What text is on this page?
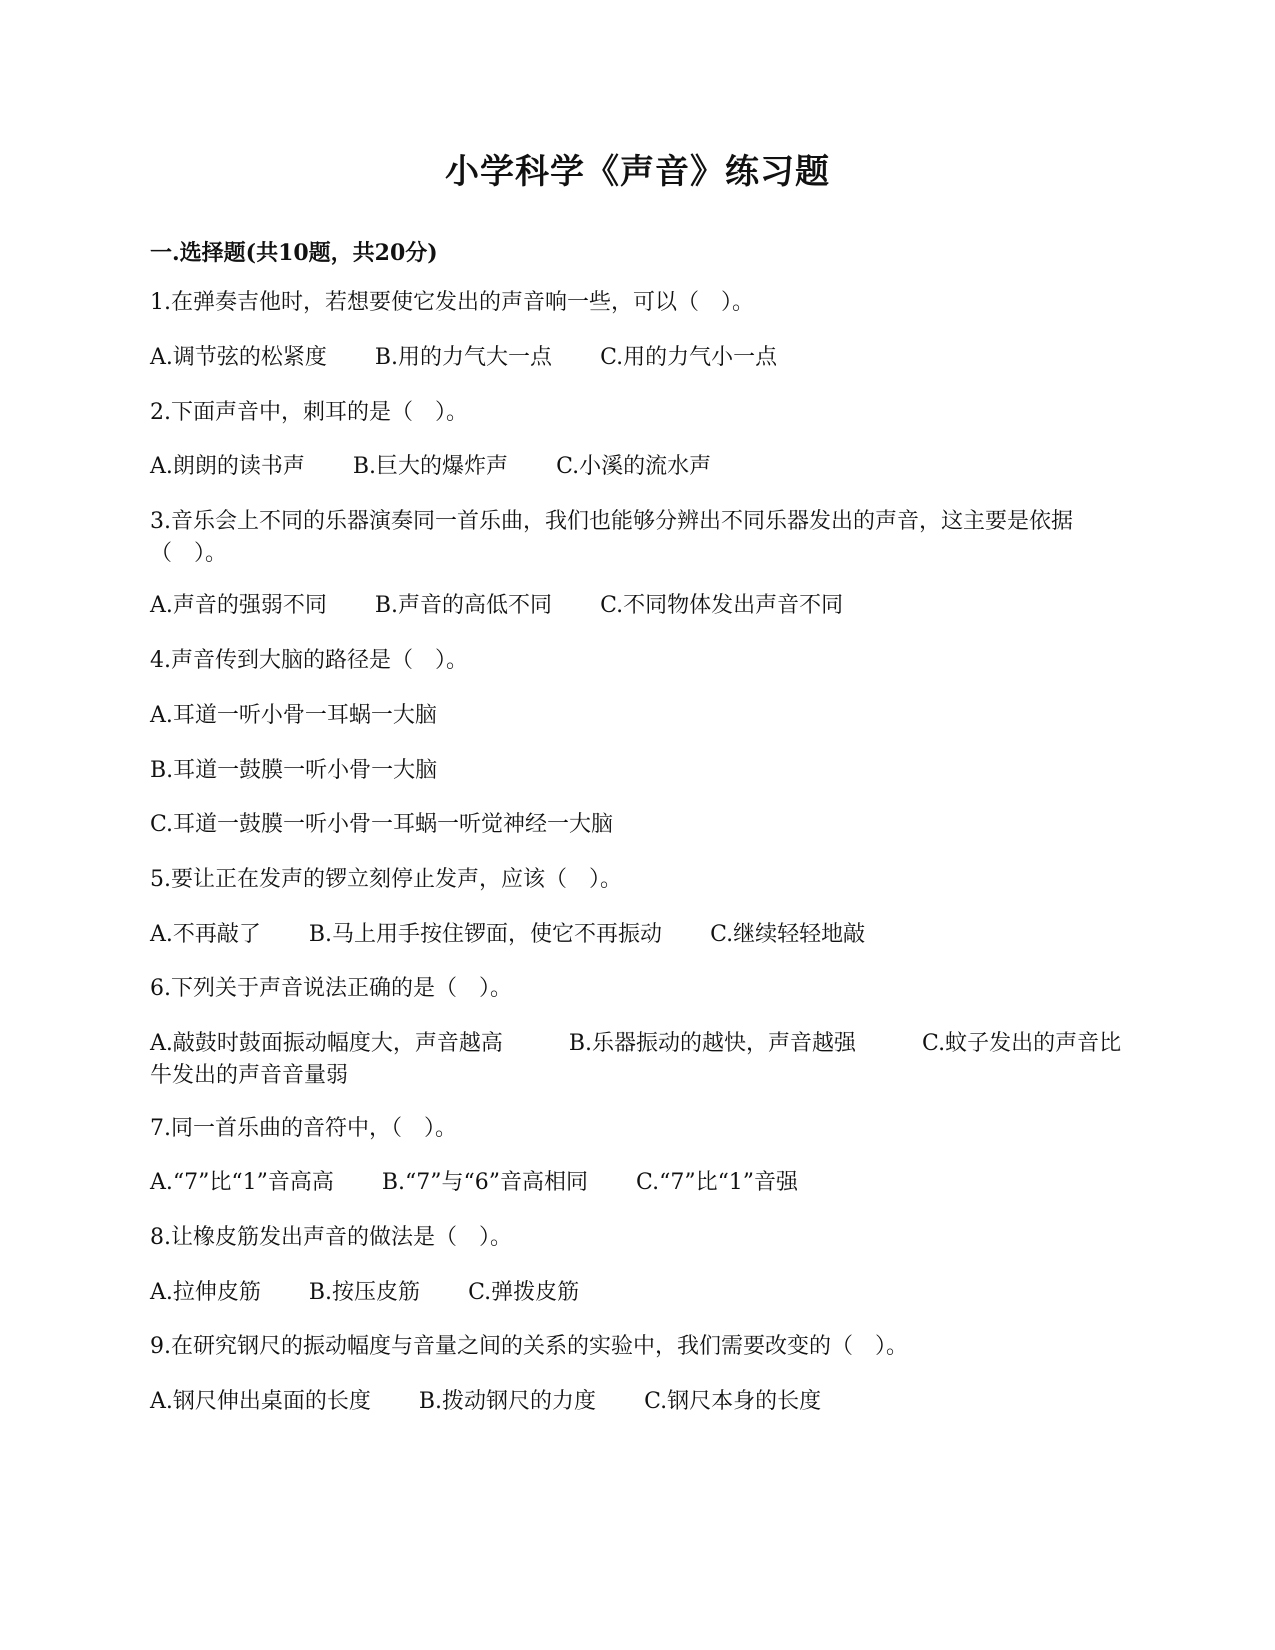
小学科学《声音》练习题
一.选择题(共10题，共20分)
1.在弹奏吉他时，若想要使它发出的声音响一些，可以（　）。
A.调节弦的松紧度 B.用的力气大一点 C.用的力气小一点
2.下面声音中，刺耳的是（　）。
A.朗朗的读书声 B.巨大的爆炸声 C.小溪的流水声
3.音乐会上不同的乐器演奏同一首乐曲，我们也能够分辨出不同乐器发出的声音，这主要是依据（　）。
A.声音的强弱不同 B.声音的高低不同 C.不同物体发出声音不同
4.声音传到大脑的路径是（　）。
A.耳道一听小骨一耳蜗一大脑
B.耳道一鼓膜一听小骨一大脑
C.耳道一鼓膜一听小骨一耳蜗一听觉神经一大脑
5.要让正在发声的锣立刻停止发声，应该（　）。
A.不再敲了 B.马上用手按住锣面，使它不再振动 C.继续轻轻地敲
6.下列关于声音说法正确的是（　）。
A.敲鼓时鼓面振动幅度大，声音越高　　　B.乐器振动的越快，声音越强　　　C.蚊子发出的声音比牛发出的声音音量弱
7.同一首乐曲的音符中，（　）。
A.“7”比“1”音高高 B.“7”与“6”音高相同 C.“7”比“1”音强
8.让橡皮筋发出声音的做法是（　）。
A.拉伸皮筋 B.按压皮筋 C.弹拨皮筋
9.在研究钢尺的振动幅度与音量之间的关系的实验中，我们需要改变的（　）。
A.钢尺伸出桌面的长度 B.拨动钢尺的力度 C.钢尺本身的长度
